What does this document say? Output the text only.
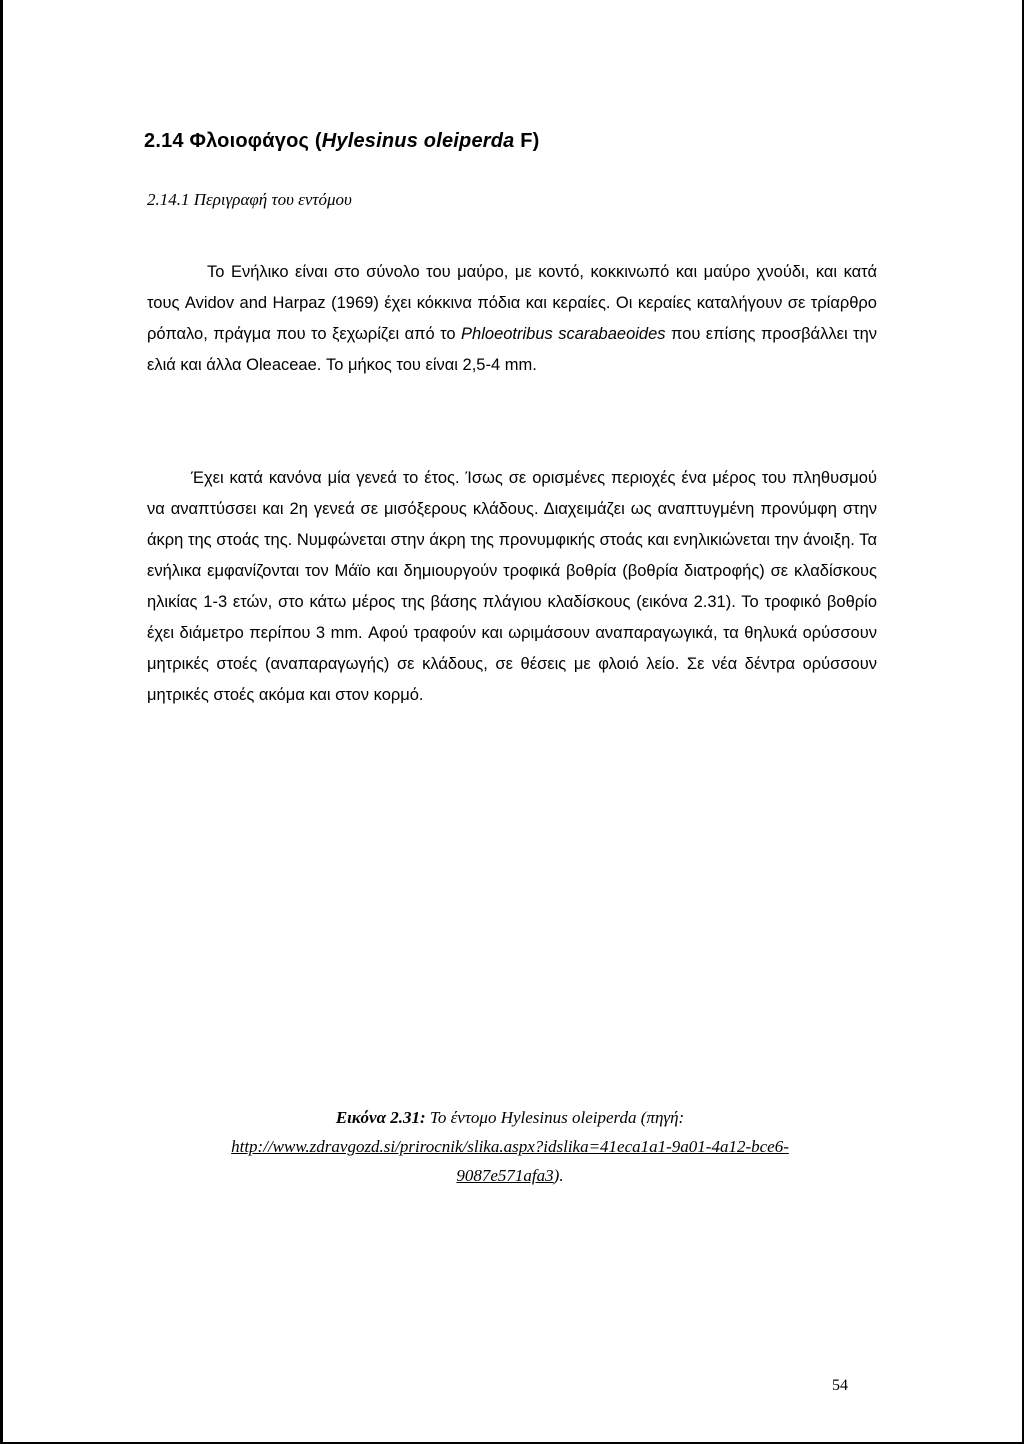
2.14 Φλοιοφάγος (Hylesinus oleiperda F)
2.14.1 Περιγραφή του εντόμου

Το Ενήλικο είναι στο σύνολο του μαύρο, με κοντό, κοκκινωπό και μαύρο χνούδι, και κατά τους Avidov and Harpaz (1969) έχει κόκκινα πόδια και κεραίες. Οι κεραίες καταλήγουν σε τρίαρθρο ρόπαλο, πράγμα που το ξεχωρίζει από το Phloeotribus scarabaeoides που επίσης προσβάλλει την ελιά και άλλα Oleaceae. Το μήκος του είναι 2,5-4 mm.

Έχει κατά κανόνα μία γενεά το έτος. Ίσως σε ορισμένες περιοχές ένα μέρος του πληθυσμού να αναπτύσσει και 2η γενεά σε μισόξερους κλάδους. Διαχειμάζει ως αναπτυγμένη προνύμφη στην άκρη της στοάς της. Νυμφώνεται στην άκρη της προνυμφικής στοάς και ενηλικιώνεται την άνοιξη. Τα ενήλικα εμφανίζονται τον Μάϊο και δημιουργούν τροφικά βοθρία (βοθρία διατροφής) σε κλαδίσκους ηλικίας 1-3 ετών, στο κάτω μέρος της βάσης πλάγιου κλαδίσκους (εικόνα 2.31). Το τροφικό βοθρίο έχει διάμετρο περίπου 3 mm. Αφού τραφούν και ωριμάσουν αναπαραγωγικά, τα θηλυκά ορύσσουν μητρικές στοές (αναπαραγωγής) σε κλάδους, σε θέσεις με φλοιό λείο. Σε νέα δέντρα ορύσσουν μητρικές στοές ακόμα και στον κορμό.

Εικόνα 2.31: Το έντομο Hylesinus oleiperda (πηγή:
http://www.zdravgozd.si/prirocnik/slika.aspx?idslika=41eca1a1-9a01-4a12-bce6-
9087e571afa3).
54
